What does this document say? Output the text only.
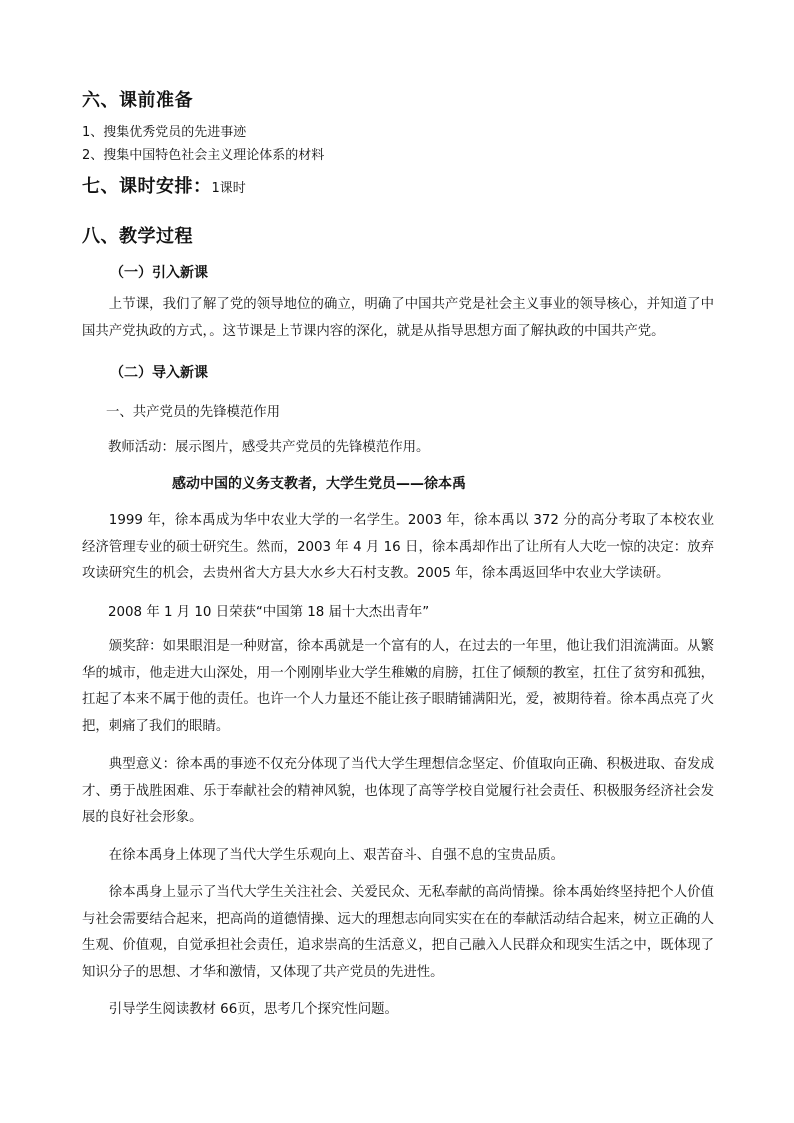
六、课前准备
1、搜集优秀党员的先进事迹
2、搜集中国特色社会主义理论体系的材料
七、课时安排：1课时
八、教学过程
（一）引入新课
上节课，我们了解了党的领导地位的确立，明确了中国共产党是社会主义事业的领导核心，并知道了中国共产党执政的方式，。这节课是上节课内容的深化，就是从指导思想方面了解执政的中国共产党。
（二）导入新课
一、共产党员的先锋模范作用
教师活动：展示图片，感受共产党员的先锋模范作用。
感动中国的义务支教者，大学生党员——徐本禹
1999 年，徐本禹成为华中农业大学的一名学生。2003 年，徐本禹以 372 分的高分考取了本校农业经济管理专业的硕士研究生。然而，2003 年 4 月 16 日，徐本禹却作出了让所有人大吃一惊的决定：放弃攻读研究生的机会，去贵州省大方县大水乡大石村支教。2005 年，徐本禹返回华中农业大学读研。
2008 年 1 月 10 日荣获“中国第 18 届十大杰出青年”
颁奖辞：如果眼泪是一种财富，徐本禹就是一个富有的人，在过去的一年里，他让我们泪流满面。从繁华的城市，他走进大山深处，用一个刚刚毕业大学生稚嫩的肩膀，扛住了倾颓的教室，扛住了贫穷和孤独，扛起了本来不属于他的责任。也许一个人力量还不能让孩子眼睛铺满阳光，爱，被期待着。徐本禹点亮了火把，刺痛了我们的眼睛。
典型意义：徐本禹的事迹不仅充分体现了当代大学生理想信念坚定、价值取向正确、积极进取、奋发成才、勇于战胜困难、乐于奉献社会的精神风貌，也体现了高等学校自觉履行社会责任、积极服务经济社会发展的良好社会形象。
在徐本禹身上体现了当代大学生乐观向上、艰苦奋斗、自强不息的宝贵品质。
徐本禹身上显示了当代大学生关注社会、关爱民众、无私奉献的高尚情操。徐本禹始终坚持把个人价值与社会需要结合起来，把高尚的道德情操、远大的理想志向同实实在在的奉献活动结合起来，树立正确的人生观、价值观，自觉承担社会责任，追求崇高的生活意义，把自己融入人民群众和现实生活之中，既体现了知识分子的思想、才华和激情，又体现了共产党员的先进性。
引导学生阅读教材 66页，思考几个探究性问题。
